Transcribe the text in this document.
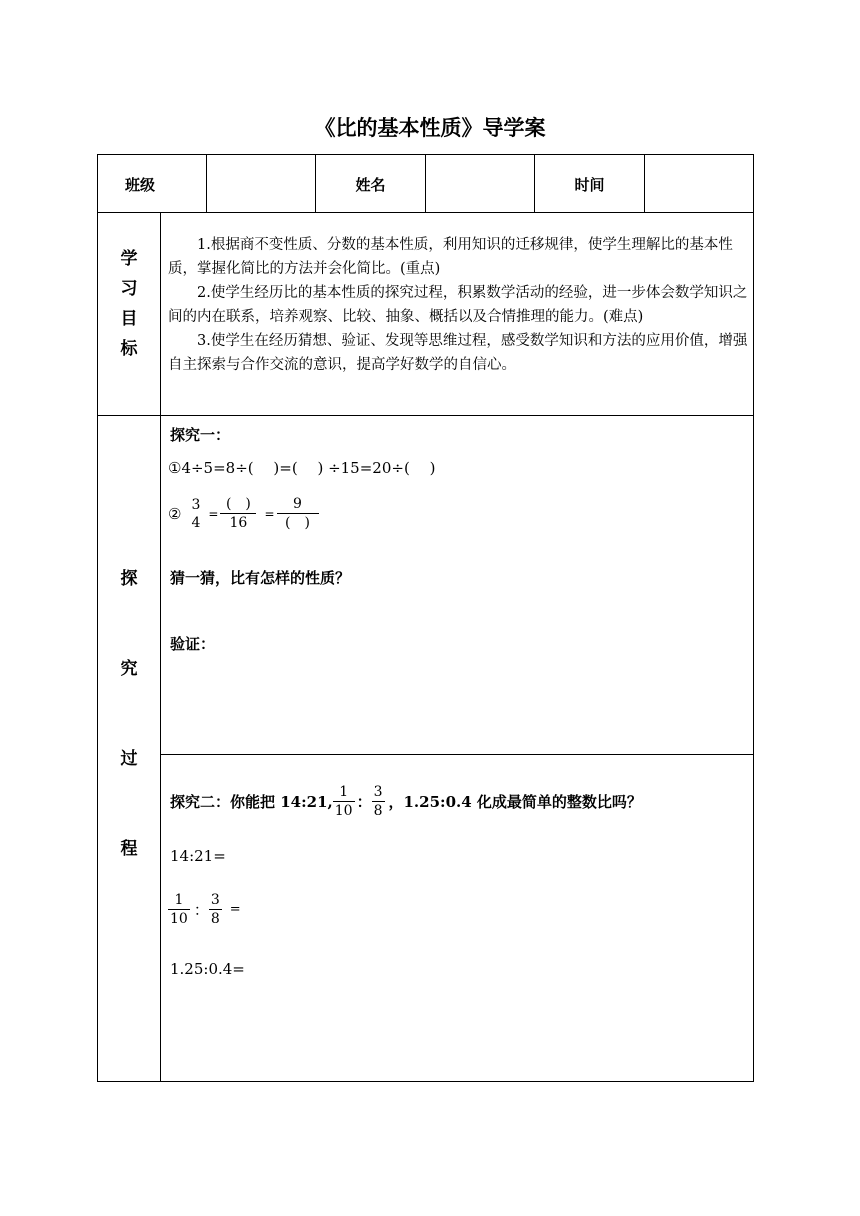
《比的基本性质》导学案
班级	姓名	时间
学
习
目
标

1.根据商不变性质、分数的基本性质，利用知识的迁移规律，使学生理解比的基本性质，掌握化简比的方法并会化简比。(重点)

2.使学生经历比的基本性质的探究过程，积累数学活动的经验，进一步体会数学知识之间的内在联系，培养观察、比较、抽象、概括以及合情推理的能力。(难点)

3.使学生在经历猜想、验证、发现等思维过程，感受数学知识和方法的应用价值，增强自主探索与合作交流的意识，提高学好数学的自信心。

探
究
过
程
探究一：
①4÷5=8÷(　 )=(　 ) ÷15=20÷(　 )
② 3
4
= $\frac{( )}{16} = \frac{9}{( )}$
猜一猜，比有怎样的性质？
验证：
探究二：你能把 14:21, $\frac{1}{10}$ ： $\frac{3}{8}$ ，1.25:0.4 化成最简单的整数比吗？
14:21=
$\frac{1}{10}$ ： $\frac{3}{8}$ =
1.25:0.4=
